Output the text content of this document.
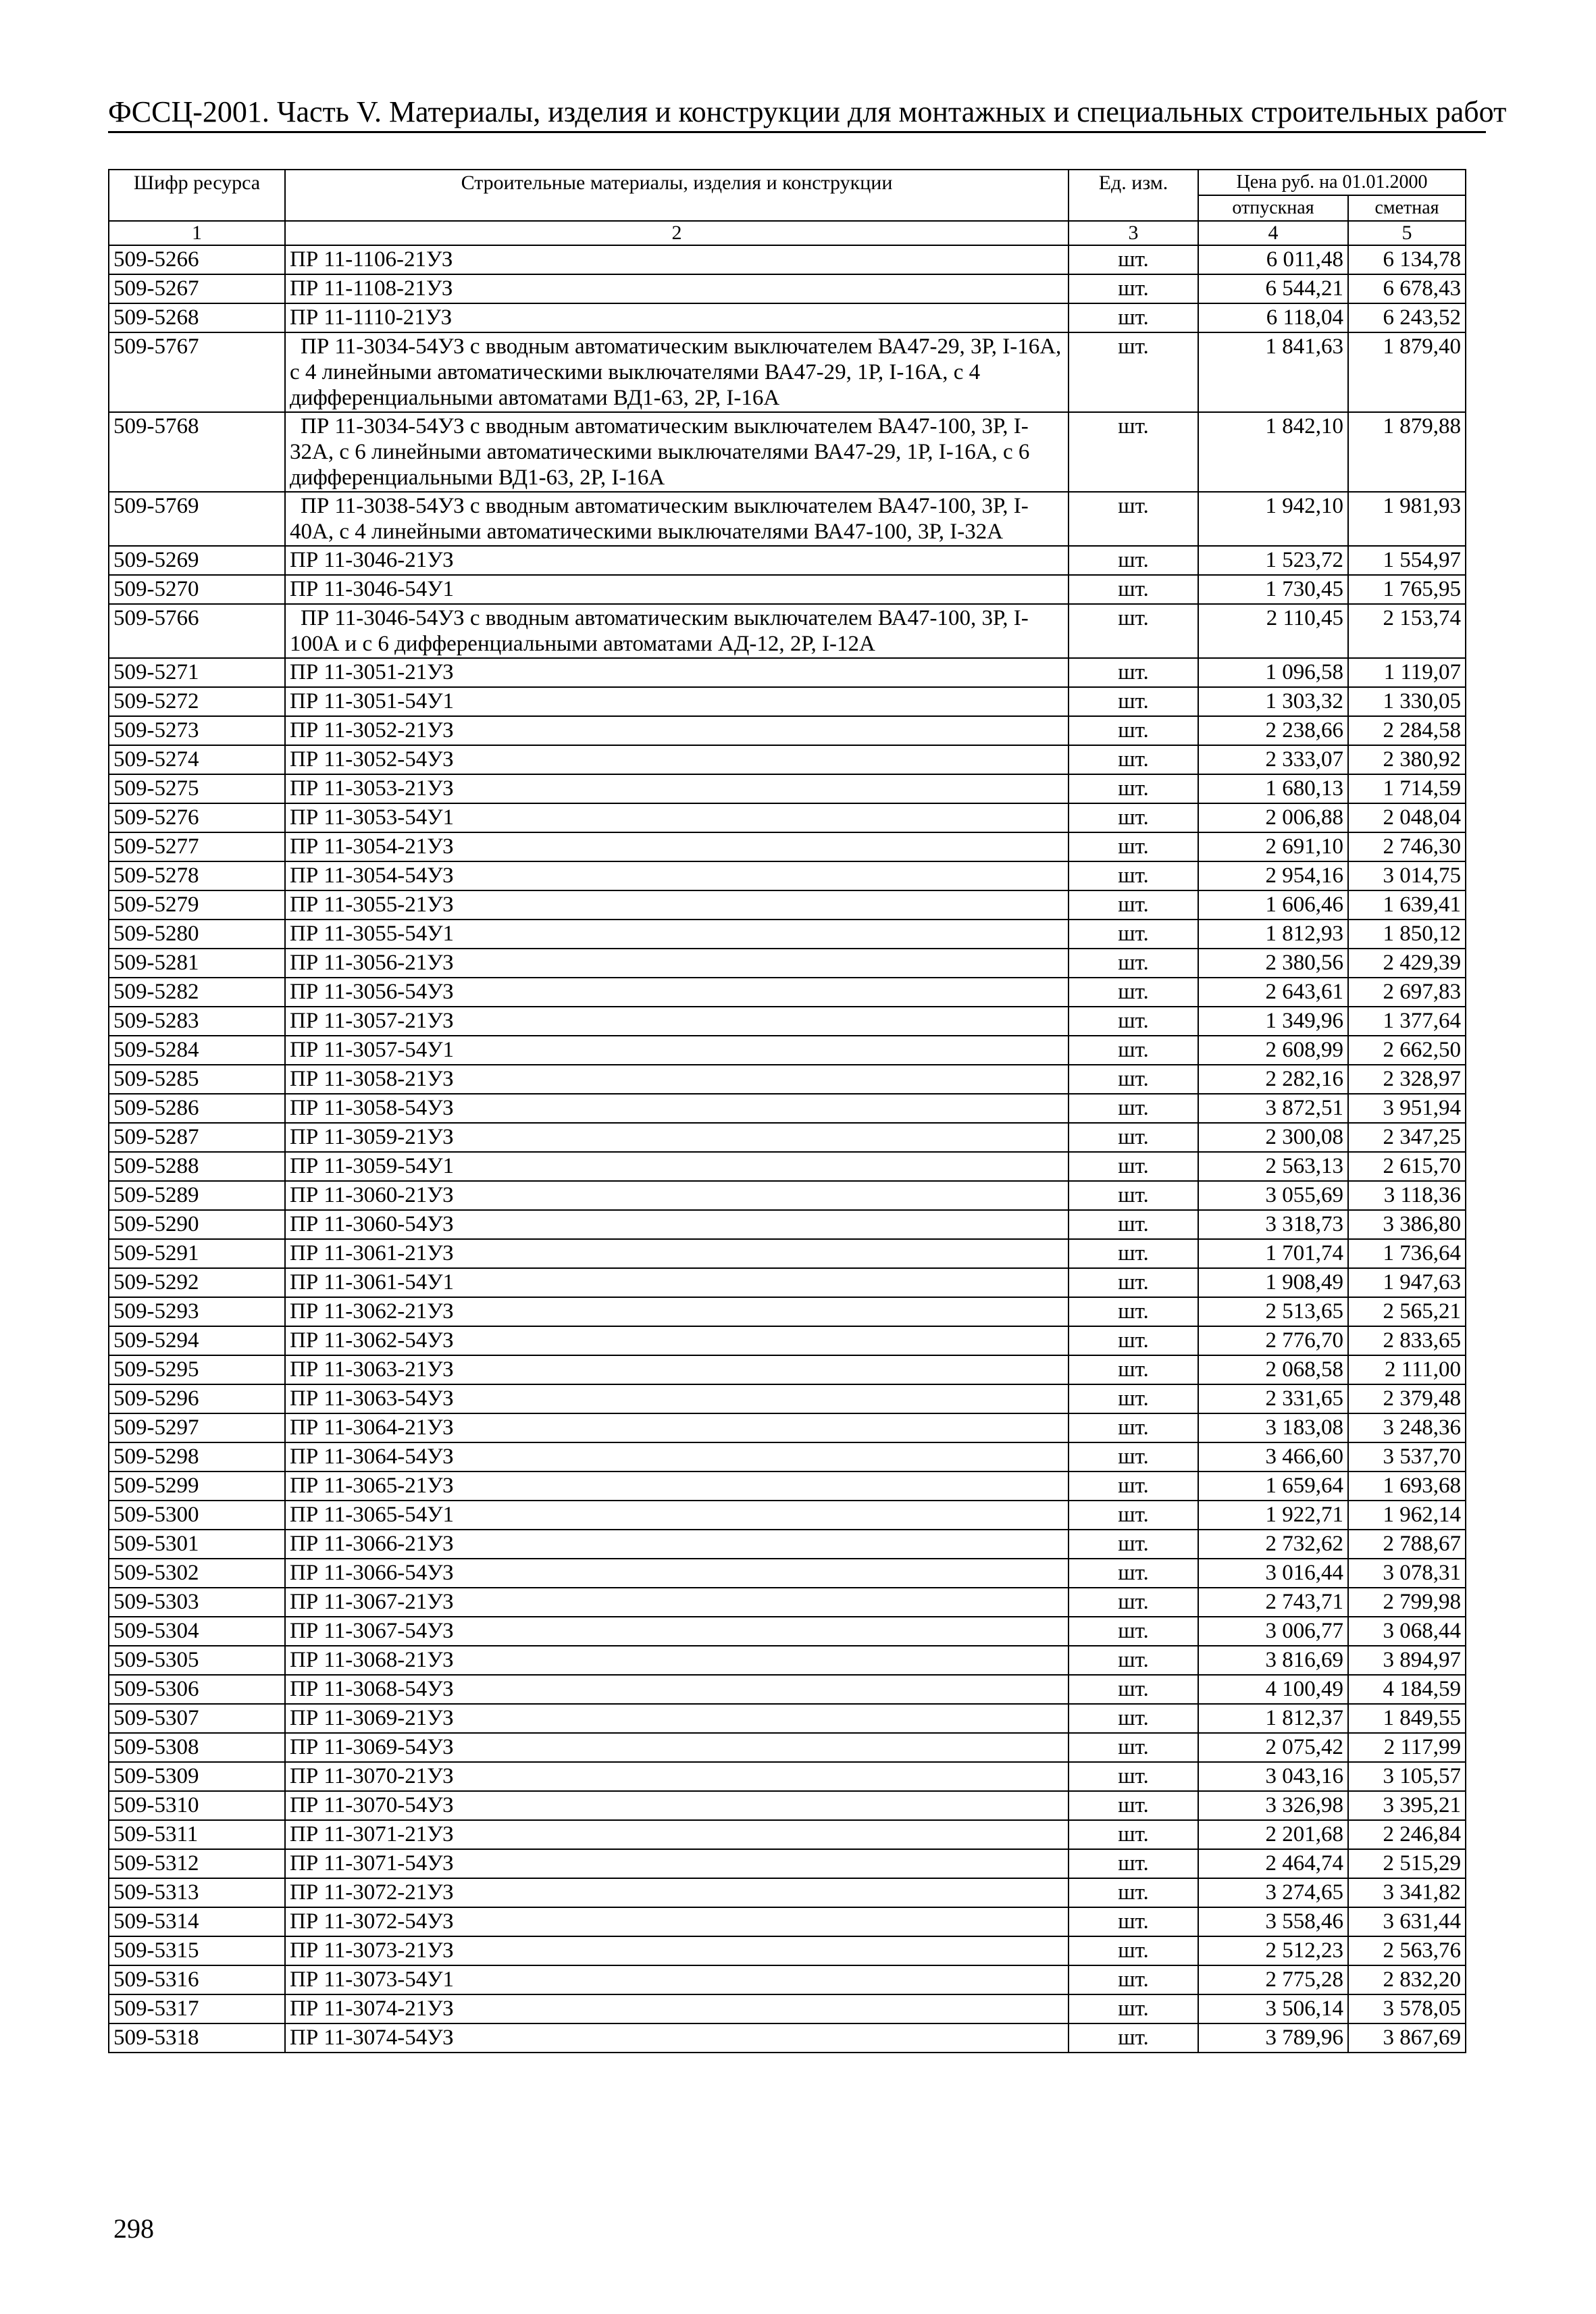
ФССЦ-2001. Часть V. Материалы, изделия и конструкции для монтажных и специальных строительных работ
Шифр ресурса	Строительные материалы, изделия и конструкции	Ед. изм.	Цена руб. на 01.01.2000	
			отпускная	сметная
1	2	3	4	5
509-5266	ПР 11-1106-21УЗ	шт.	6 011,48	6 134,78
509-5267	ПР 11-1108-21УЗ	шт.	6 544,21	6 678,43
509-5268	ПР 11-1110-21УЗ	шт.	6 118,04	6 243,52
509-5767	ПР 11-3034-54УЗ с вводным автоматическим выключателем ВА47-29, 3Р, I-16А, с 4 линейными автоматическими выключателями ВА47-29, 1Р, I-16А, с 4 дифференциальными автоматами ВД1-63, 2Р, I-16А	шт.	1 841,63	1 879,40
509-5768	ПР 11-3034-54УЗ с вводным автоматическим выключателем ВА47-100, 3Р, I-32А, с 6 линейными автоматическими выключателями ВА47-29, 1Р, I-16А, с 6 дифференциальными ВД1-63, 2Р, I-16А	шт.	1 842,10	1 879,88
509-5769	ПР 11-3038-54УЗ с вводным автоматическим выключателем ВА47-100, 3Р, I-40А, с 4 линейными автоматическими выключателями ВА47-100, 3Р, I-32А	шт.	1 942,10	1 981,93
509-5269	ПР 11-3046-21УЗ	шт.	1 523,72	1 554,97
509-5270	ПР 11-3046-54У1	шт.	1 730,45	1 765,95
509-5766	ПР 11-3046-54УЗ с вводным автоматическим выключателем ВА47-100, 3Р, I-100А и с 6 дифференциальными автоматами АД-12, 2Р, I-12А	шт.	2 110,45	2 153,74
509-5271	ПР 11-3051-21УЗ	шт.	1 096,58	1 119,07
509-5272	ПР 11-3051-54У1	шт.	1 303,32	1 330,05
509-5273	ПР 11-3052-21УЗ	шт.	2 238,66	2 284,58
509-5274	ПР 11-3052-54УЗ	шт.	2 333,07	2 380,92
509-5275	ПР 11-3053-21УЗ	шт.	1 680,13	1 714,59
509-5276	ПР 11-3053-54У1	шт.	2 006,88	2 048,04
509-5277	ПР 11-3054-21УЗ	шт.	2 691,10	2 746,30
509-5278	ПР 11-3054-54УЗ	шт.	2 954,16	3 014,75
509-5279	ПР 11-3055-21УЗ	шт.	1 606,46	1 639,41
509-5280	ПР 11-3055-54У1	шт.	1 812,93	1 850,12
509-5281	ПР 11-3056-21УЗ	шт.	2 380,56	2 429,39
509-5282	ПР 11-3056-54УЗ	шт.	2 643,61	2 697,83
509-5283	ПР 11-3057-21УЗ	шт.	1 349,96	1 377,64
509-5284	ПР 11-3057-54У1	шт.	2 608,99	2 662,50
509-5285	ПР 11-3058-21УЗ	шт.	2 282,16	2 328,97
509-5286	ПР 11-3058-54УЗ	шт.	3 872,51	3 951,94
509-5287	ПР 11-3059-21УЗ	шт.	2 300,08	2 347,25
509-5288	ПР 11-3059-54У1	шт.	2 563,13	2 615,70
509-5289	ПР 11-3060-21УЗ	шт.	3 055,69	3 118,36
509-5290	ПР 11-3060-54УЗ	шт.	3 318,73	3 386,80
509-5291	ПР 11-3061-21УЗ	шт.	1 701,74	1 736,64
509-5292	ПР 11-3061-54У1	шт.	1 908,49	1 947,63
509-5293	ПР 11-3062-21УЗ	шт.	2 513,65	2 565,21
509-5294	ПР 11-3062-54УЗ	шт.	2 776,70	2 833,65
509-5295	ПР 11-3063-21УЗ	шт.	2 068,58	2 111,00
509-5296	ПР 11-3063-54УЗ	шт.	2 331,65	2 379,48
509-5297	ПР 11-3064-21УЗ	шт.	3 183,08	3 248,36
509-5298	ПР 11-3064-54УЗ	шт.	3 466,60	3 537,70
509-5299	ПР 11-3065-21УЗ	шт.	1 659,64	1 693,68
509-5300	ПР 11-3065-54У1	шт.	1 922,71	1 962,14
509-5301	ПР 11-3066-21УЗ	шт.	2 732,62	2 788,67
509-5302	ПР 11-3066-54УЗ	шт.	3 016,44	3 078,31
509-5303	ПР 11-3067-21УЗ	шт.	2 743,71	2 799,98
509-5304	ПР 11-3067-54УЗ	шт.	3 006,77	3 068,44
509-5305	ПР 11-3068-21УЗ	шт.	3 816,69	3 894,97
509-5306	ПР 11-3068-54УЗ	шт.	4 100,49	4 184,59
509-5307	ПР 11-3069-21УЗ	шт.	1 812,37	1 849,55
509-5308	ПР 11-3069-54УЗ	шт.	2 075,42	2 117,99
509-5309	ПР 11-3070-21УЗ	шт.	3 043,16	3 105,57
509-5310	ПР 11-3070-54УЗ	шт.	3 326,98	3 395,21
509-5311	ПР 11-3071-21УЗ	шт.	2 201,68	2 246,84
509-5312	ПР 11-3071-54УЗ	шт.	2 464,74	2 515,29
509-5313	ПР 11-3072-21УЗ	шт.	3 274,65	3 341,82
509-5314	ПР 11-3072-54УЗ	шт.	3 558,46	3 631,44
509-5315	ПР 11-3073-21УЗ	шт.	2 512,23	2 563,76
509-5316	ПР 11-3073-54У1	шт.	2 775,28	2 832,20
509-5317	ПР 11-3074-21УЗ	шт.	3 506,14	3 578,05
509-5318	ПР 11-3074-54УЗ	шт.	3 789,96	3 867,69
298
